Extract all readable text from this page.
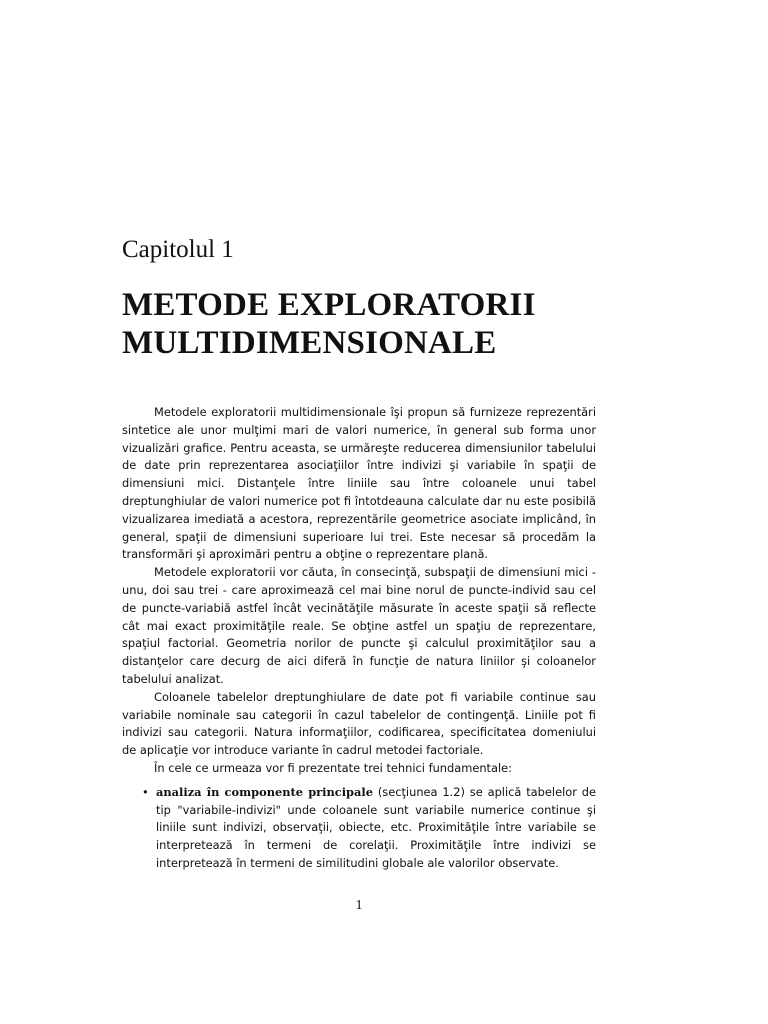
Capitolul 1
METODE EXPLORATORII
MULTIDIMENSIONALE

Metodele exploratorii multidimensionale îşi propun să furnizeze reprezentări sintetice ale unor mulţimi mari de valori numerice, în general sub forma unor vizualizări grafice. Pentru aceasta, se urmăreşte reducerea dimensiunilor tabelului de date prin reprezentarea asociaţiilor între indivizi şi variabile în spaţii de dimensiuni mici. Distanţele între liniile sau între coloanele unui tabel dreptunghiular de valori numerice pot fi întotdeauna calculate dar nu este posibilă vizualizarea imediată a acestora, reprezentările geometrice asociate implicând, în general, spaţii de dimensiuni superioare lui trei. Este necesar să procedăm la transformări şi aproximări pentru a obţine o reprezentare plană.

Metodele exploratorii vor căuta, în consecinţă, subspaţii de dimensiuni mici - unu, doi sau trei - care aproximează cel mai bine norul de puncte-individ sau cel de puncte-variabiă astfel încât vecinătăţile măsurate în aceste spaţii să reflecte cât mai exact proximităţile reale. Se obţine astfel un spaţiu de reprezentare, spaţiul factorial. Geometria norilor de puncte şi calculul proximităţilor sau a distanţelor care decurg de aici diferă în funcţie de natura liniilor şi coloanelor tabelului analizat.

Coloanele tabelelor dreptunghiulare de date pot fi variabile continue sau variabile nominale sau categorii în cazul tabelelor de contingenţă. Liniile pot fi indivizi sau categorii. Natura informaţiilor, codificarea, specificitatea domeniului de aplicaţie vor introduce variante în cadrul metodei factoriale.

În cele ce urmeaza vor fi prezentate trei tehnici fundamentale:

• analiza în componente principale (secţiunea 1.2) se aplică tabelelor de tip "variabile-indivizi" unde coloanele sunt variabile numerice continue şi liniile sunt indivizi, observaţii, obiecte, etc. Proximităţile între variabile se interpretează în termeni de corelaţii. Proximităţile între indivizi se interpretează în termeni de similitudini globale ale valorilor observate.
1
